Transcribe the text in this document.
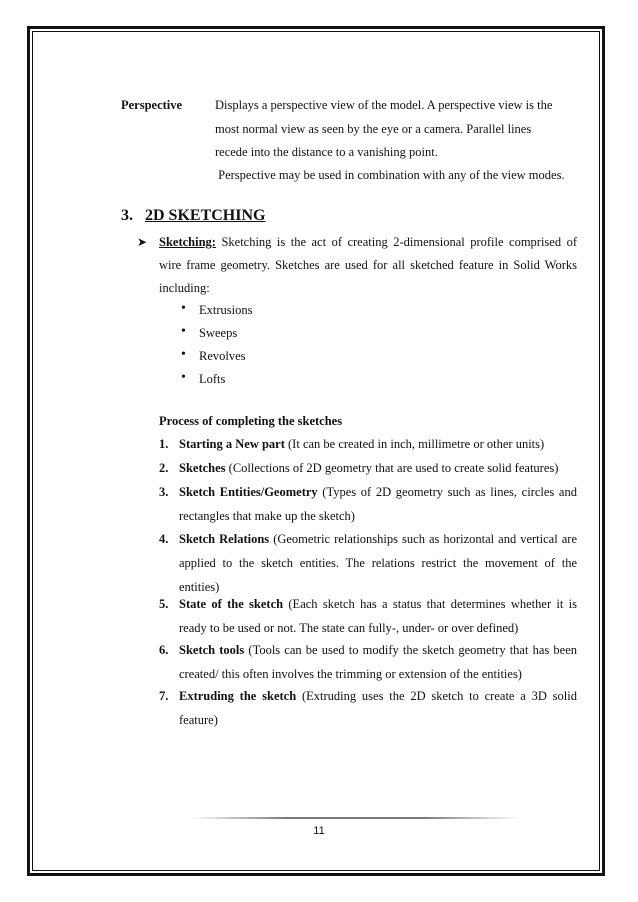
Perspective	Displays a perspective view of the model. A perspective view is the
most normal view as seen by the eye or a camera. Parallel lines
recede into the distance to a vanishing point.
Perspective may be used in combination with any of the view modes.
3. 2D SKETCHING
➤ Sketching: Sketching is the act of creating 2-dimensional profile comprised of wire frame geometry. Sketches are used for all sketched feature in Solid Works including:
• Extrusions
• Sweeps
• Revolves
• Lofts
Process of completing the sketches
1. Starting a New part (It can be created in inch, millimetre or other units)
2. Sketches (Collections of 2D geometry that are used to create solid features)
3. Sketch Entities/Geometry (Types of 2D geometry such as lines, circles and rectangles that make up the sketch)
4. Sketch Relations (Geometric relationships such as horizontal and vertical are applied to the sketch entities. The relations restrict the movement of the entities)
5. State of the sketch (Each sketch has a status that determines whether it is ready to be used or not. The state can fully-, under- or over defined)
6. Sketch tools (Tools can be used to modify the sketch geometry that has been created/ this often involves the trimming or extension of the entities)
7. Extruding the sketch (Extruding uses the 2D sketch to create a 3D solid feature)
11
